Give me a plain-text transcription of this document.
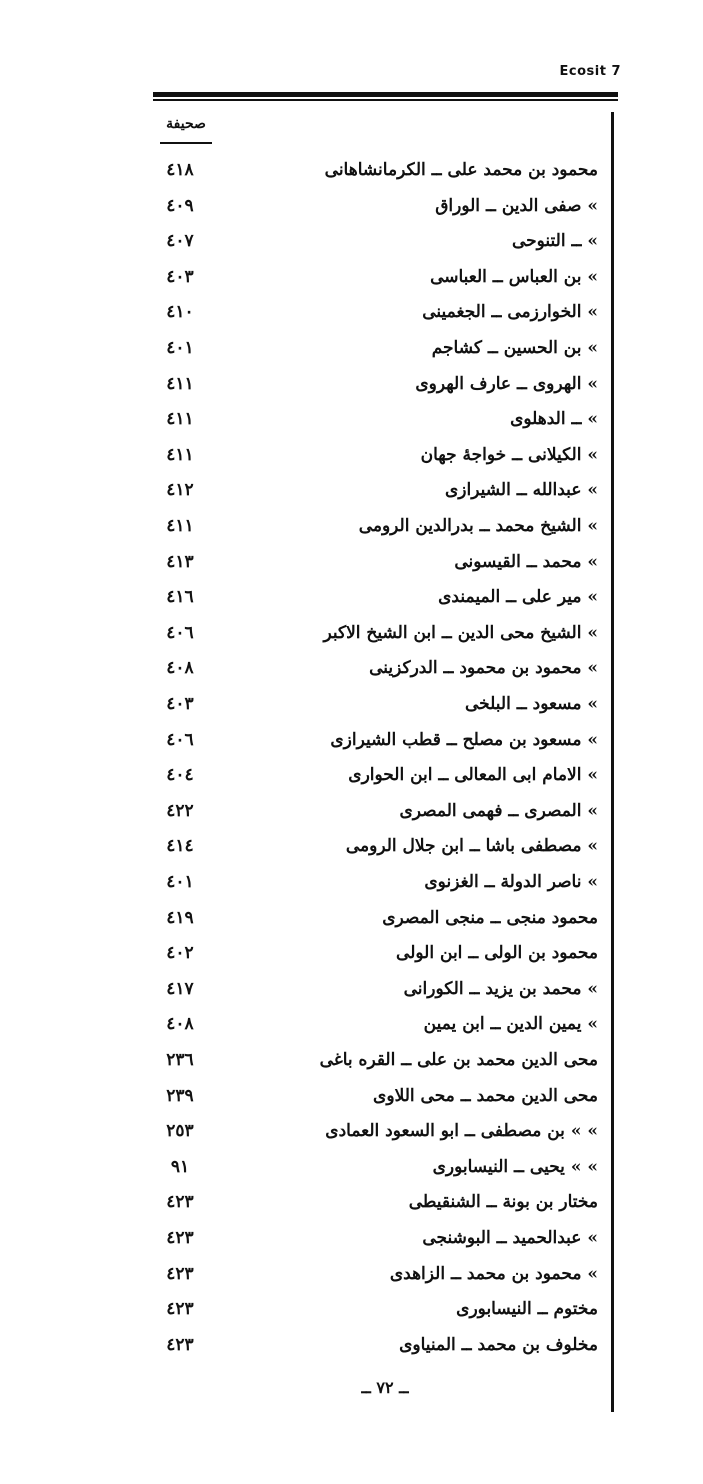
Ecosit 7
صحيفة
محمود بن محمد علی ــ الکرمانشاهانی
٤١٨
» صفی الدین ــ الوراق
٤٠٩
» ــ التنوحی
٤٠٧
» بن العباس ــ العباسی
٤٠٣
» الخوارزمی ــ الجغمینی
٤١٠
» بن الحسین ــ کشاجم
٤٠١
» الهروی ــ عارف الهروی
٤١١
» ــ الدهلوی
٤١١
» الکیلانی ــ خواجهٔ جهان
٤١١
» عبدالله ــ الشیرازی
٤١٢
» الشیخ محمد ــ بدرالدین الرومی
٤١١
» محمد ــ القیسونی
٤١٣
» میر علی ــ المیمندی
٤١٦
» الشیخ محی الدین ــ ابن الشیخ الاکبر
٤٠٦
» محمود بن محمود ــ الدرکزینی
٤٠٨
» مسعود ــ البلخی
٤٠٣
» مسعود بن مصلح ــ قطب الشیرازی
٤٠٦
» الامام ابی المعالی ــ ابن الحواری
٤٠٤
» المصری ــ فهمی المصری
٤٢٢
» مصطفی باشا ــ ابن جلال الرومی
٤١٤
» ناصر الدولة ــ الغزنوی
٤٠١
محمود منجی ــ منجی المصری
٤١٩
محمود بن الولی ــ ابن الولی
٤٠٢
» محمد بن یزید ــ الکورانی
٤١٧
» یمین الدین ــ ابن یمین
٤٠٨
محی الدین محمد بن علی ــ القره باغی
٢٣٦
محی الدین محمد ــ محی اللاوی
٢٣٩
» » بن مصطفی ــ ابو السعود العمادی
٢٥٣
» » یحیی ــ النیسابوری
٩١
مختار بن بونة ــ الشنقیطی
٤٢٣
» عبدالحمید ــ البوشنجی
٤٢٣
» محمود بن محمد ــ الزاهدی
٤٢٣
مختوم ــ النیسابوری
٤٢٣
مخلوف بن محمد ــ المنیاوی
٤٢٣
ــ ٧٢ ــ
